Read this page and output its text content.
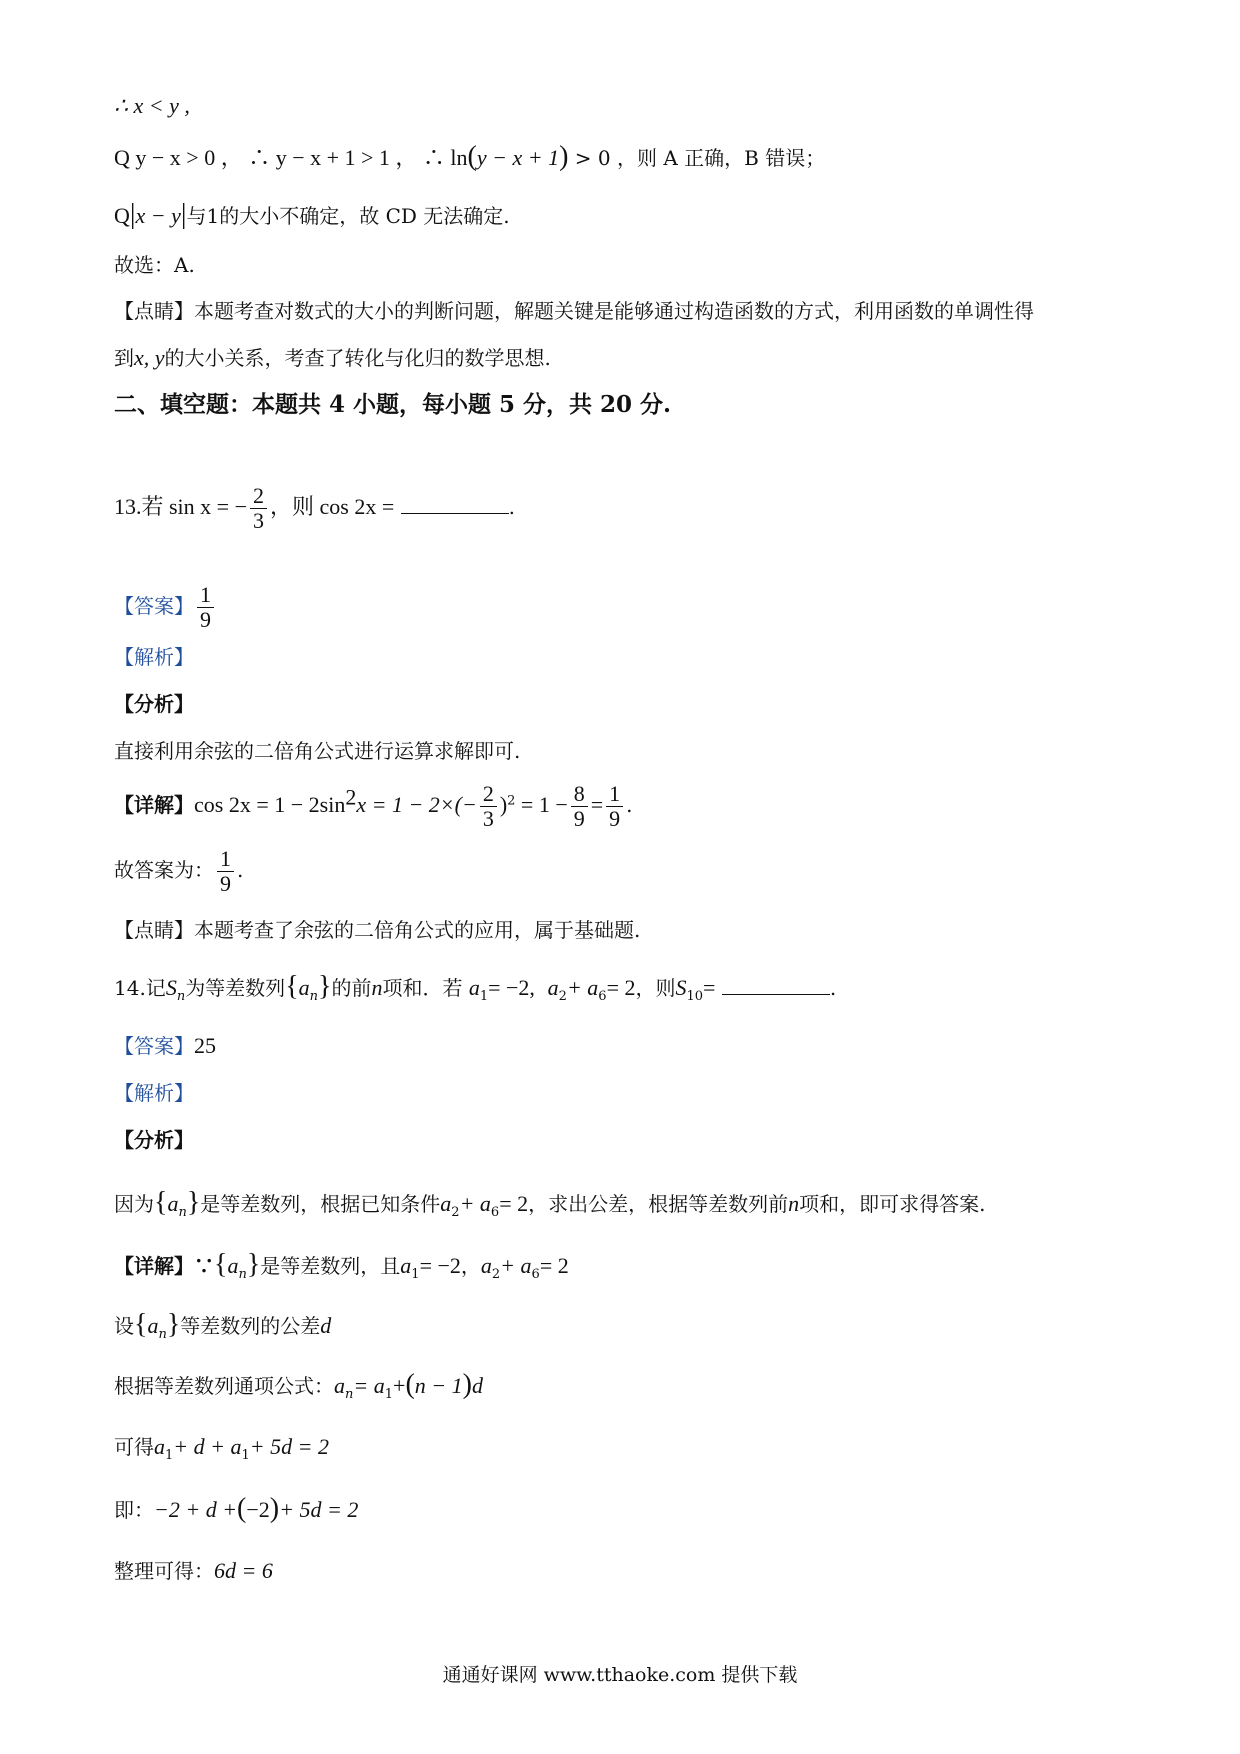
∴ x < y ,
Q y − x > 0 ， ∴ y − x + 1 > 1 ， ∴ ln(y − x + 1) > 0 ，则 A 正确，B 错误；
Q|x − y|与1的大小不确定，故 CD 无法确定.
故选：A.
【点睛】本题考查对数式的大小的判断问题，解题关键是能够通过构造函数的方式，利用函数的单调性得
到x, y的大小关系，考查了转化与化归的数学思想.
二、填空题：本题共 4 小题，每小题 5 分，共 20 分.
13.若 sin x = − $\frac{2}{3}$ ，则 cos 2x =	.
【答案】 $\frac{1}{9}$
【解析】
【分析】
直接利用余弦的二倍角公式进行运算求解即可.
【详解】$\cos 2x = 1 - 2\sin^2x = 1 - 2\times(- \frac{2}{3} )^2 = 1 - \frac{8}{9} = \frac{1}{9}$ .
故答案为： $\frac{1}{9}$ .
【点睛】本题考查了余弦的二倍角公式的应用，属于基础题.
14.记$S_n$为等差数列$\{a_n\}$的前n项和．若 $a_1= -2$, $a_2+ a_6= 2$，则$S_{10}=$	.
【答案】25
【解析】
【分析】
因为$\{a_n\}$是等差数列，根据已知条件$a_2+ a_6= 2$，求出公差，根据等差数列前n项和，即可求得答案.
【详解】$\because\{a_n\}$是等差数列，且$a_1= -2$，$a_2+ a_6= 2$
设$\{a_n\}$等差数列的公差d
根据等差数列通项公式：$a_n= a_1+(n - 1)d$
可得$a_1+ d + a_1+ 5d = 2$
即：−2 + d +(−2)+ 5d = 2
整理可得：6d = 6
通通好课网 www.tthaoke.com 提供下载
